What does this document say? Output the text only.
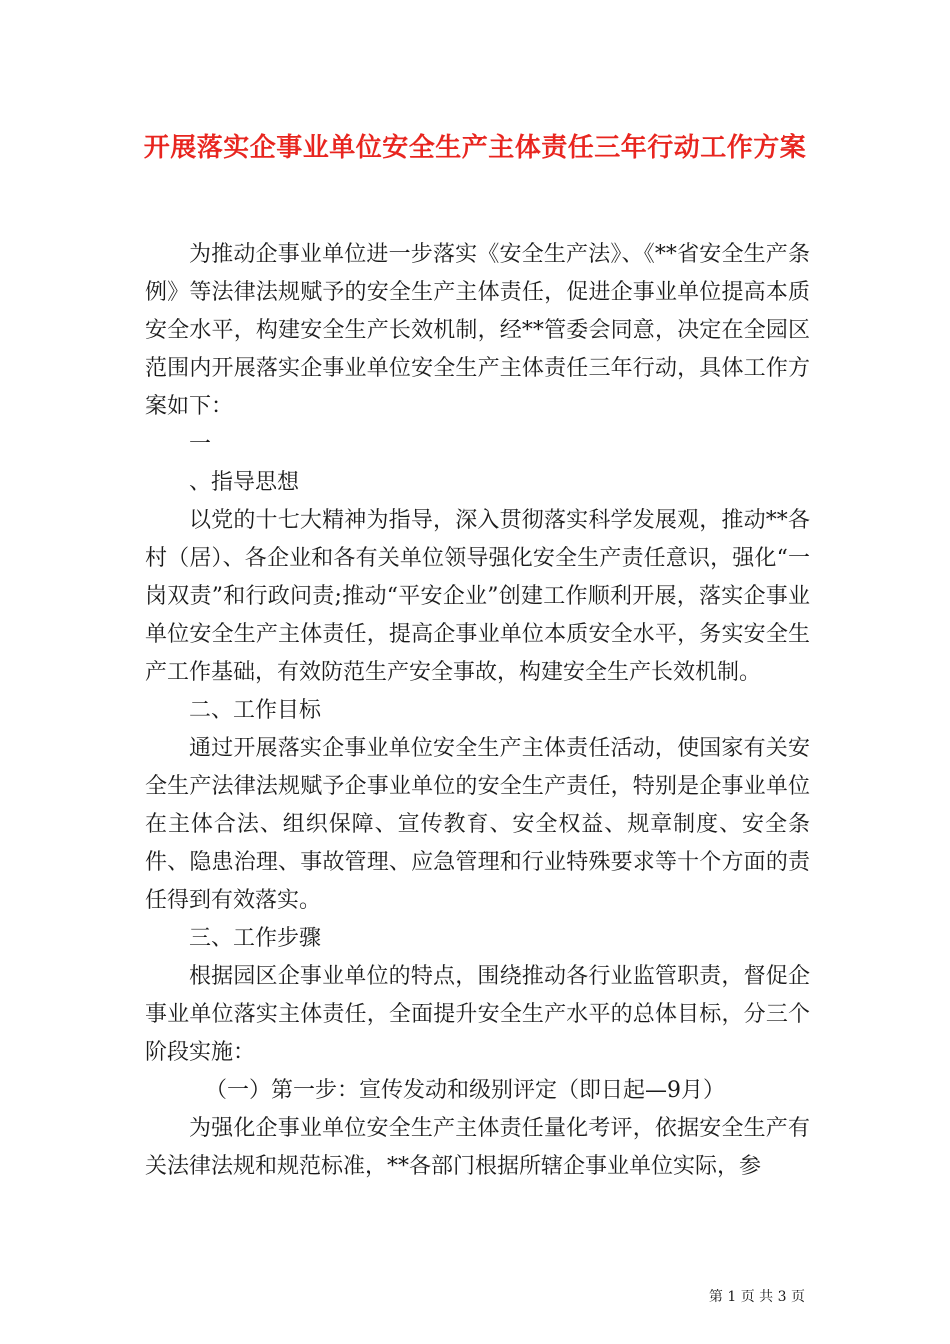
开展落实企事业单位安全生产主体责任三年行动工作方案

为推动企事业单位进一步落实《安全生产法》、《**省安全生产条例》等法律法规赋予的安全生产主体责任，促进企事业单位提高本质安全水平，构建安全生产长效机制，经**管委会同意，决定在全园区范围内开展落实企事业单位安全生产主体责任三年行动，具体工作方案如下：

一

、指导思想

以党的十七大精神为指导，深入贯彻落实科学发展观，推动**各村（居）、各企业和各有关单位领导强化安全生产责任意识，强化“一岗双责”和行政问责;推动“平安企业”创建工作顺利开展，落实企事业单位安全生产主体责任，提高企事业单位本质安全水平，务实安全生产工作基础，有效防范生产安全事故，构建安全生产长效机制。

二、工作目标

通过开展落实企事业单位安全生产主体责任活动，使国家有关安全生产法律法规赋予企事业单位的安全生产责任，特别是企事业单位在主体合法、组织保障、宣传教育、安全权益、规章制度、安全条件、隐患治理、事故管理、应急管理和行业特殊要求等十个方面的责任得到有效落实。

三、工作步骤

根据园区企事业单位的特点，围绕推动各行业监管职责，督促企事业单位落实主体责任，全面提升安全生产水平的总体目标，分三个阶段实施：

（一）第一步：宣传发动和级别评定（即日起—9月）

为强化企事业单位安全生产主体责任量化考评，依据安全生产有关法律法规和规范标准，**各部门根据所辖企事业单位实际，参

第 1 页 共 3 页
